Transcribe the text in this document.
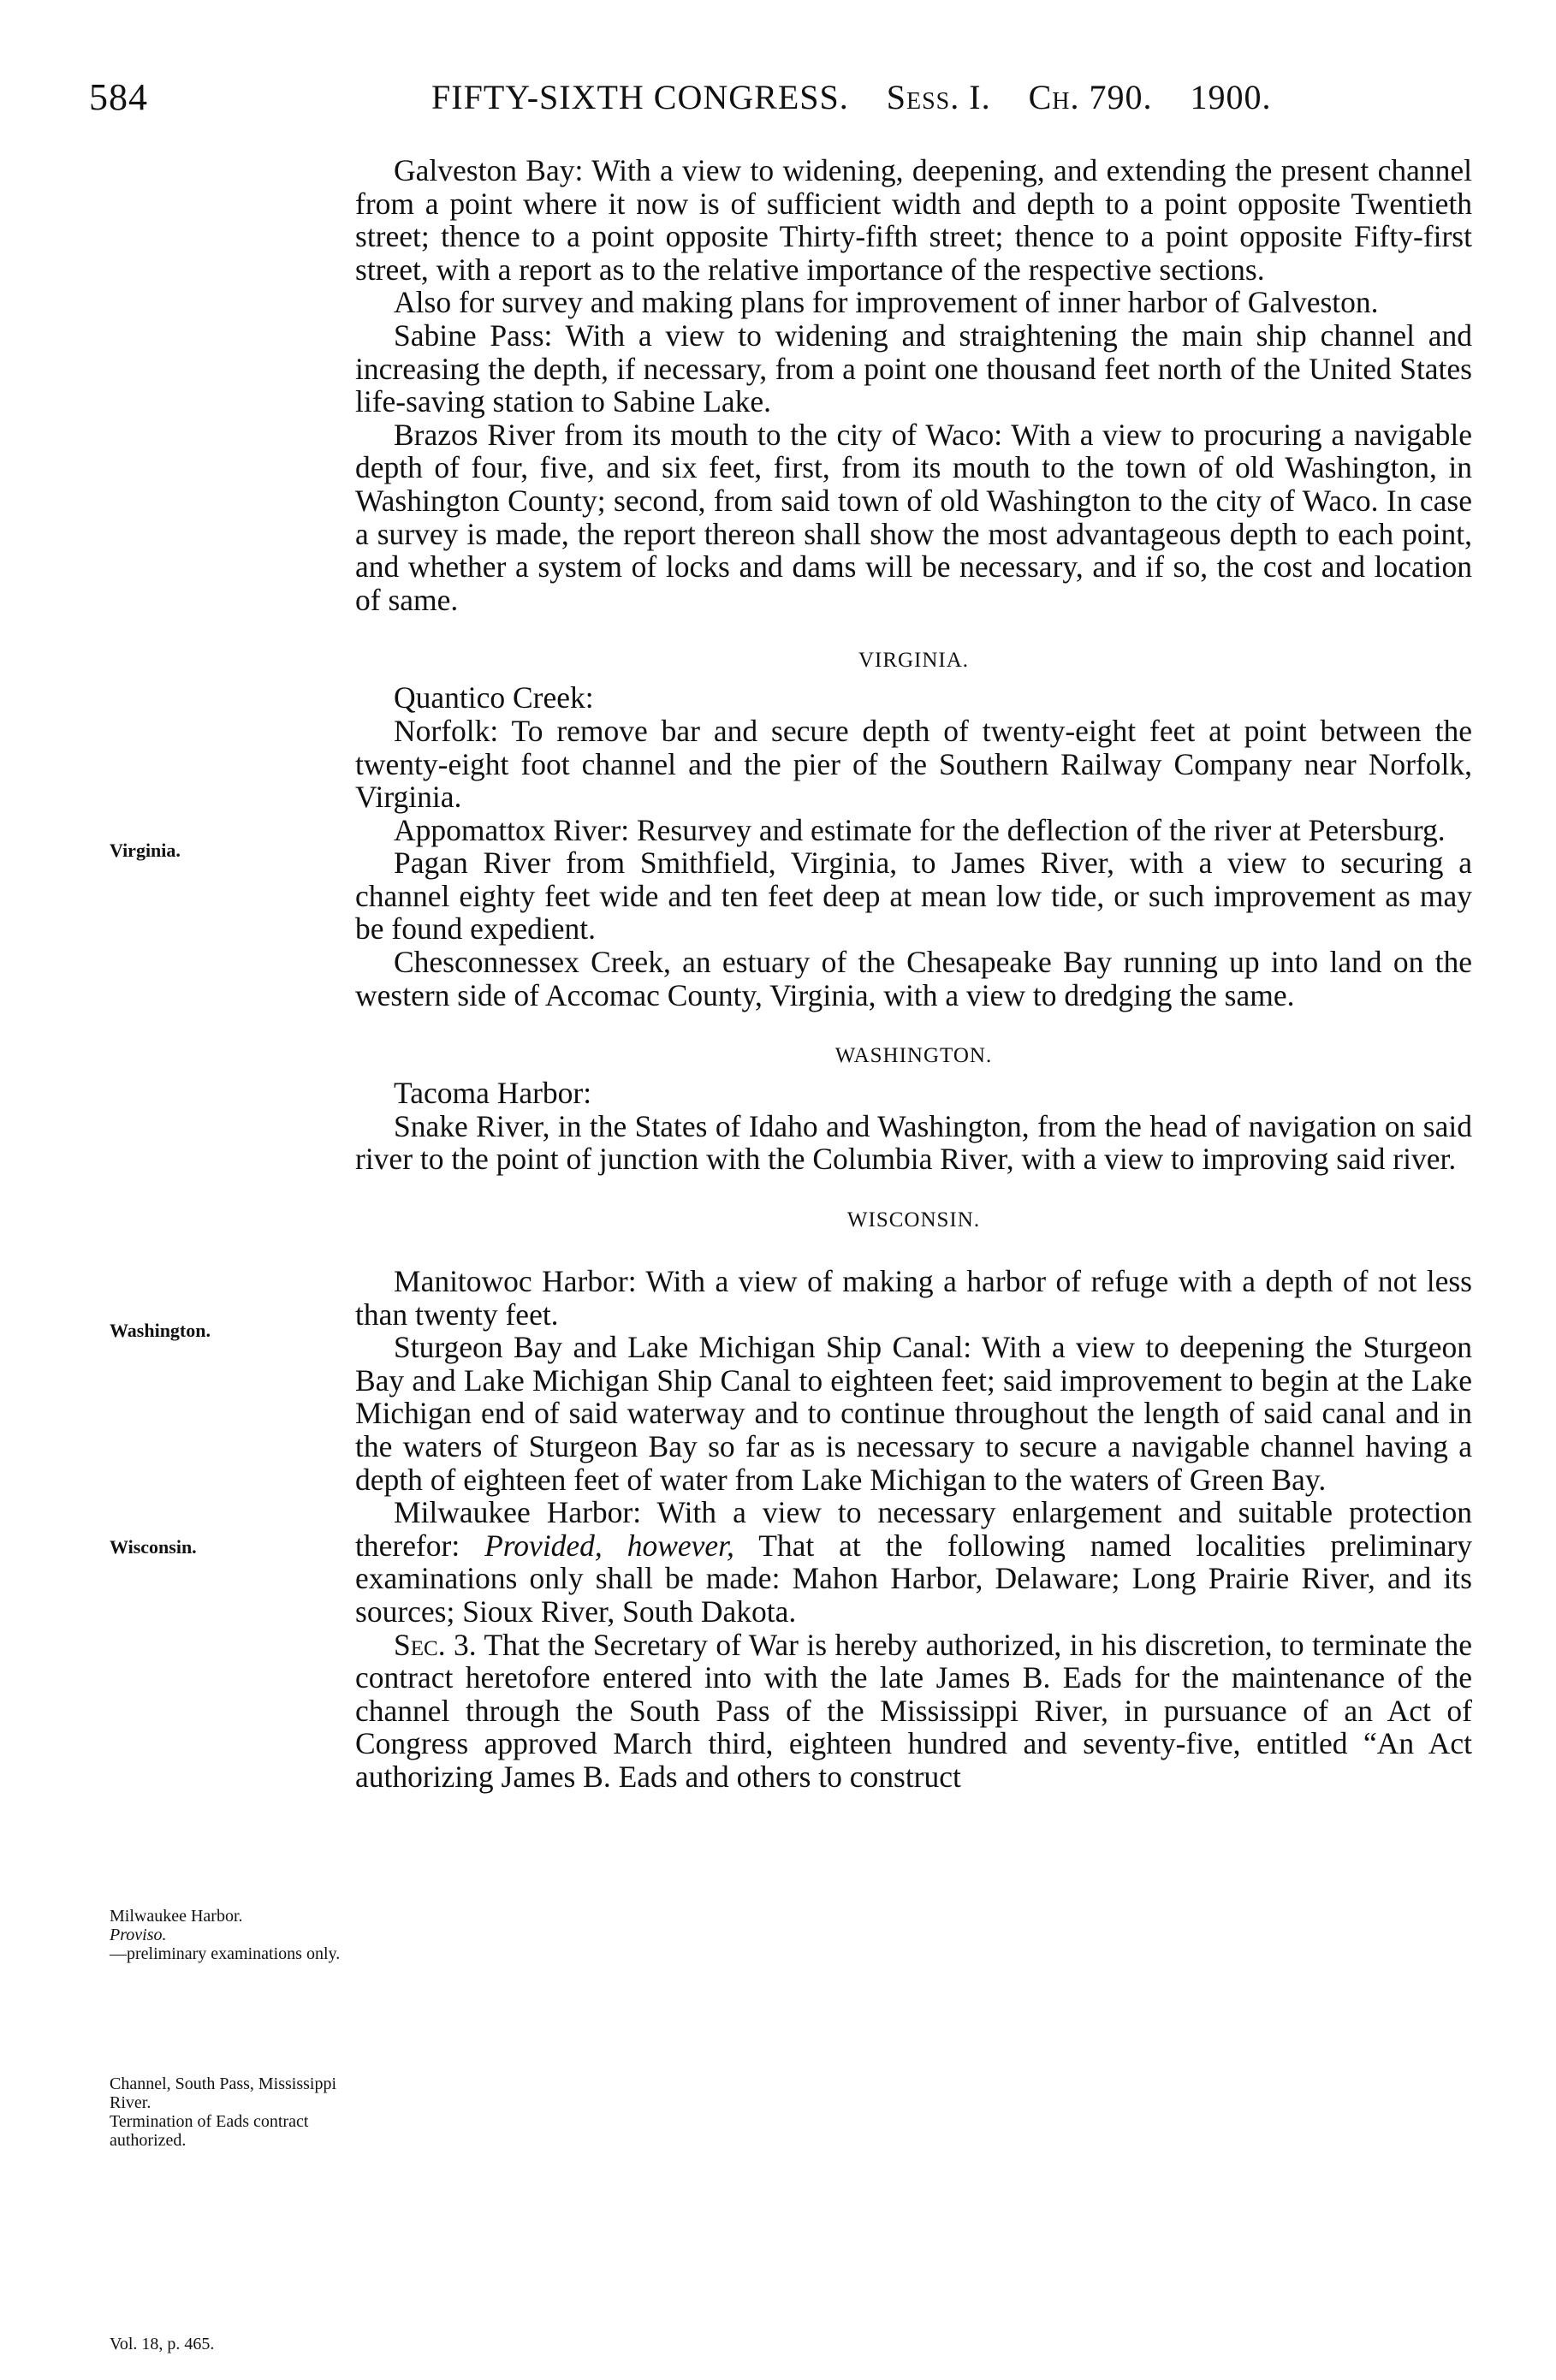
584	FIFTY-SIXTH CONGRESS. Sess. I. Ch. 790. 1900.
Virginia.
Washington.
Wisconsin.
Milwaukee Harbor.
Proviso.
—preliminary examinations only.
Channel, South Pass, Mississippi River.
Termination of Eads contract authorized.
Vol. 18, p. 465.

Galveston Bay: With a view to widening, deepening, and extending the present channel from a point where it now is of sufficient width and depth to a point opposite Twentieth street; thence to a point opposite Thirty-fifth street; thence to a point opposite Fifty-first street, with a report as to the relative importance of the respective sections.

Also for survey and making plans for improvement of inner harbor of Galveston.

Sabine Pass: With a view to widening and straightening the main ship channel and increasing the depth, if necessary, from a point one thousand feet north of the United States life-saving station to Sabine Lake.

Brazos River from its mouth to the city of Waco: With a view to procuring a navigable depth of four, five, and six feet, first, from its mouth to the town of old Washington, in Washington County; second, from said town of old Washington to the city of Waco. In case a survey is made, the report thereon shall show the most advantageous depth to each point, and whether a system of locks and dams will be necessary, and if so, the cost and location of same.

VIRGINIA.

Quantico Creek:

Norfolk: To remove bar and secure depth of twenty-eight feet at point between the twenty-eight foot channel and the pier of the Southern Railway Company near Norfolk, Virginia.

Appomattox River: Resurvey and estimate for the deflection of the river at Petersburg.

Pagan River from Smithfield, Virginia, to James River, with a view to securing a channel eighty feet wide and ten feet deep at mean low tide, or such improvement as may be found expedient.

Chesconnessex Creek, an estuary of the Chesapeake Bay running up into land on the western side of Accomac County, Virginia, with a view to dredging the same.

WASHINGTON.

Tacoma Harbor:

Snake River, in the States of Idaho and Washington, from the head of navigation on said river to the point of junction with the Columbia River, with a view to improving said river.

WISCONSIN.

Manitowoc Harbor: With a view of making a harbor of refuge with a depth of not less than twenty feet.

Sturgeon Bay and Lake Michigan Ship Canal: With a view to deepening the Sturgeon Bay and Lake Michigan Ship Canal to eighteen feet; said improvement to begin at the Lake Michigan end of said waterway and to continue throughout the length of said canal and in the waters of Sturgeon Bay so far as is necessary to secure a navigable channel having a depth of eighteen feet of water from Lake Michigan to the waters of Green Bay.

Milwaukee Harbor: With a view to necessary enlargement and suitable protection therefor: Provided, however, That at the following named localities preliminary examinations only shall be made: Mahon Harbor, Delaware; Long Prairie River, and its sources; Sioux River, South Dakota.

Sec. 3. That the Secretary of War is hereby authorized, in his discretion, to terminate the contract heretofore entered into with the late James B. Eads for the maintenance of the channel through the South Pass of the Mississippi River, in pursuance of an Act of Congress approved March third, eighteen hundred and seventy-five, entitled “An Act authorizing James B. Eads and others to construct
